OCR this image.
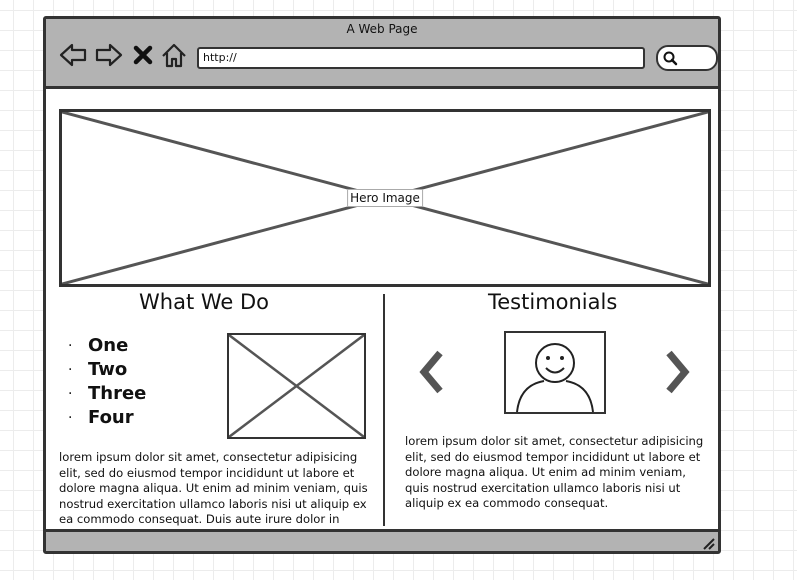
A Web Page
http://
Hero Image
What We Do	Testimonials
· One
· Two
· Three
· Four
lorem ipsum dolor sit amet, consectetur adipisicing elit, sed do eiusmod tempor incididunt ut labore et dolore magna aliqua. Ut enim ad minim veniam, quis nostrud exercitation ullamco laboris nisi ut aliquip ex ea commodo consequat. Duis aute irure dolor in
lorem ipsum dolor sit amet, consectetur adipisicing elit, sed do eiusmod tempor incididunt ut labore et dolore magna aliqua. Ut enim ad minim veniam, quis nostrud exercitation ullamco laboris nisi ut aliquip ex ea commodo consequat.
